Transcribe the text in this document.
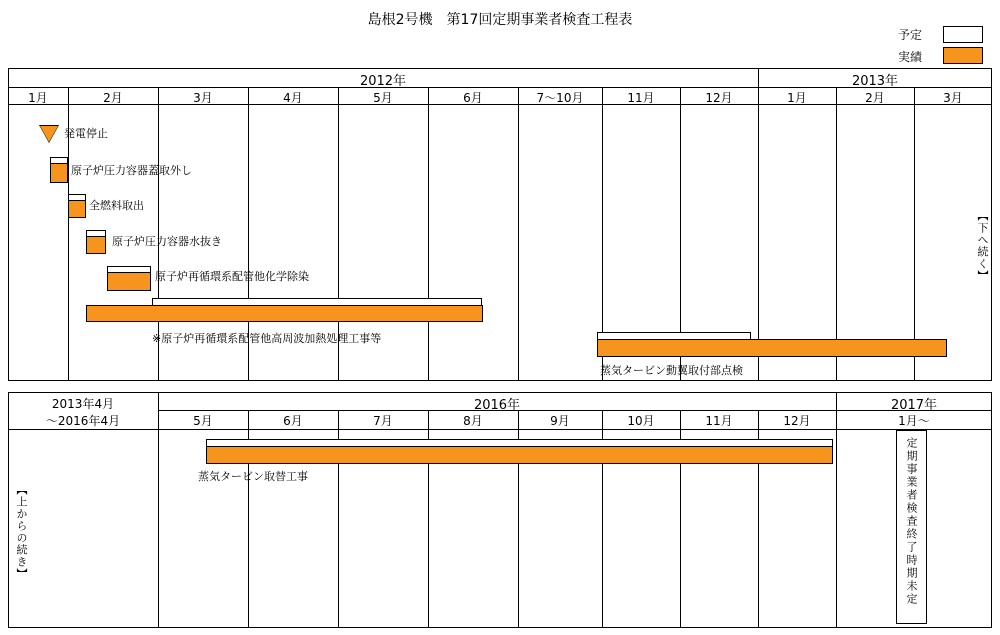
島根2号機　第17回定期事業者検査工程表
予定
実績
2012年	2013年
1月	2月	3月	4月	5月	6月	7〜10月	11月	12月	1月	2月	3月
発電停止
原子炉圧力容器蓋取外し
全燃料取出
原子炉圧力容器水抜き
原子炉再循環系配管他化学除染
※原子炉再循環系配管他高周波加熱処理工事等
蒸気タービン動翼取付部点検
【下へ続く】
2013年4月
〜2016年4月
2016年	2017年
5月	6月	7月	8月	9月	10月	11月	12月	1月〜
蒸気タービン取替工事
【上からの続き】	定期事業者検査終了時期未定
